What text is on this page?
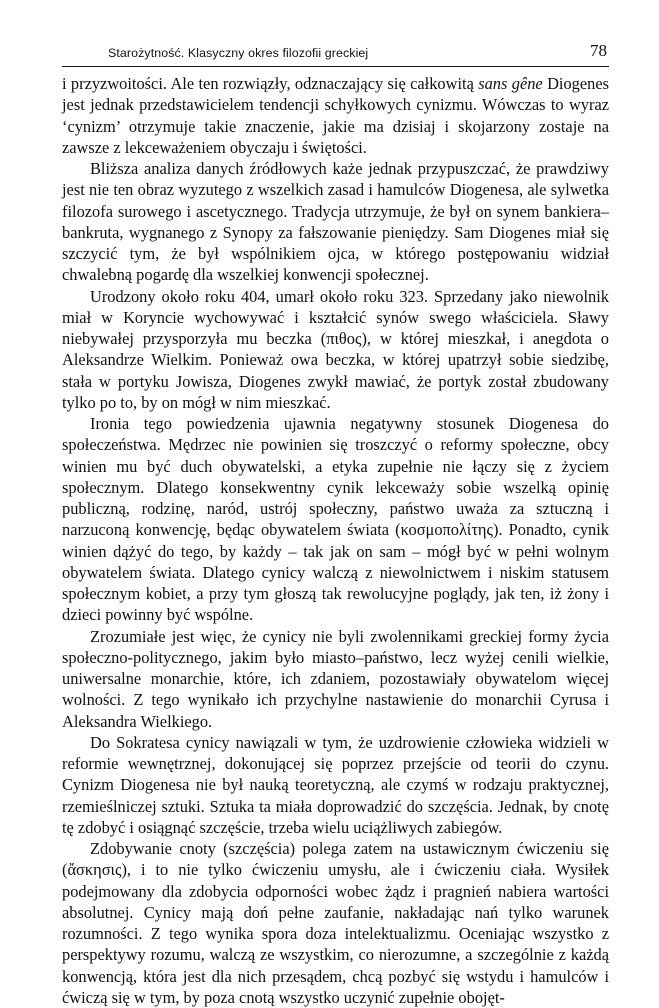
Starożytność. Klasyczny okres filozofii greckiej	78

i przyzwoitości. Ale ten rozwiązły, odznaczający się całkowitą sans gêne Diogenes jest jednak przedstawicielem tendencji schyłkowych cynizmu. Wówczas to wyraz ‘cynizm’ otrzymuje takie znaczenie, jakie ma dzisiaj i skojarzony zostaje na zawsze z lekceważeniem obyczaju i świętości.

Bliższa analiza danych źródłowych każe jednak przypuszczać, że prawdziwy jest nie ten obraz wyzutego z wszelkich zasad i hamulców Diogenesa, ale sylwetka filozofa surowego i ascetycznego. Tradycja utrzymuje, że był on synem bankiera–bankruta, wygnanego z Synopy za fałszowanie pieniędzy. Sam Diogenes miał się szczycić tym, że był wspólnikiem ojca, w którego postępowaniu widział chwalebną pogardę dla wszelkiej konwencji społecznej.

Urodzony około roku 404, umarł około roku 323. Sprzedany jako niewolnik miał w Koryncie wychowywać i kształcić synów swego właściciela. Sławy niebywałej przysporzyła mu beczka (πιθος), w której mieszkał, i anegdota o Aleksandrze Wielkim. Ponieważ owa beczka, w której upatrzył sobie siedzibę, stała w portyku Jowisza, Diogenes zwykł mawiać, że portyk został zbudowany tylko po to, by on mógł w nim mieszkać.

Ironia tego powiedzenia ujawnia negatywny stosunek Diogenesa do społeczeństwa. Mędrzec nie powinien się troszczyć o reformy społeczne, obcy winien mu być duch obywatelski, a etyka zupełnie nie łączy się z życiem społecznym. Dlatego konsekwentny cynik lekceważy sobie wszelką opinię publiczną, rodzinę, naród, ustrój społeczny, państwo uważa za sztuczną i narzuconą konwencję, będąc obywatelem świata (κοσμοπολίτης). Ponadto, cynik winien dążyć do tego, by każdy – tak jak on sam – mógł być w pełni wolnym obywatelem świata. Dlatego cynicy walczą z niewolnictwem i niskim statusem społecznym kobiet, a przy tym głoszą tak rewolucyjne poglądy, jak ten, iż żony i dzieci powinny być wspólne.

Zrozumiałe jest więc, że cynicy nie byli zwolennikami greckiej formy życia społeczno-politycznego, jakim było miasto–państwo, lecz wyżej cenili wielkie, uniwersalne monarchie, które, ich zdaniem, pozostawiały obywatelom więcej wolności. Z tego wynikało ich przychylne nastawienie do monarchii Cyrusa i Aleksandra Wielkiego.

Do Sokratesa cynicy nawiązali w tym, że uzdrowienie człowieka widzieli w reformie wewnętrznej, dokonującej się poprzez przejście od teorii do czynu. Cynizm Diogenesa nie był nauką teoretyczną, ale czymś w rodzaju praktycznej, rzemieślniczej sztuki. Sztuka ta miała doprowadzić do szczęścia. Jednak, by cnotę tę zdobyć i osiągnąć szczęście, trzeba wielu uciążliwych zabiegów.

Zdobywanie cnoty (szczęścia) polega zatem na ustawicznym ćwiczeniu się (ἄσκησις), i to nie tylko ćwiczeniu umysłu, ale i ćwiczeniu ciała. Wysiłek podejmowany dla zdobycia odporności wobec żądz i pragnień nabiera wartości absolutnej. Cynicy mają doń pełne zaufanie, nakładając nań tylko warunek rozumności. Z tego wynika spora doza intelektualizmu. Oceniając wszystko z perspektywy rozumu, walczą ze wszystkim, co nierozumne, a szczególnie z każdą konwencją, która jest dla nich przesądem, chcą pozbyć się wstydu i hamulców i ćwiczą się w tym, by poza cnotą wszystko uczynić zupełnie obojęt-
